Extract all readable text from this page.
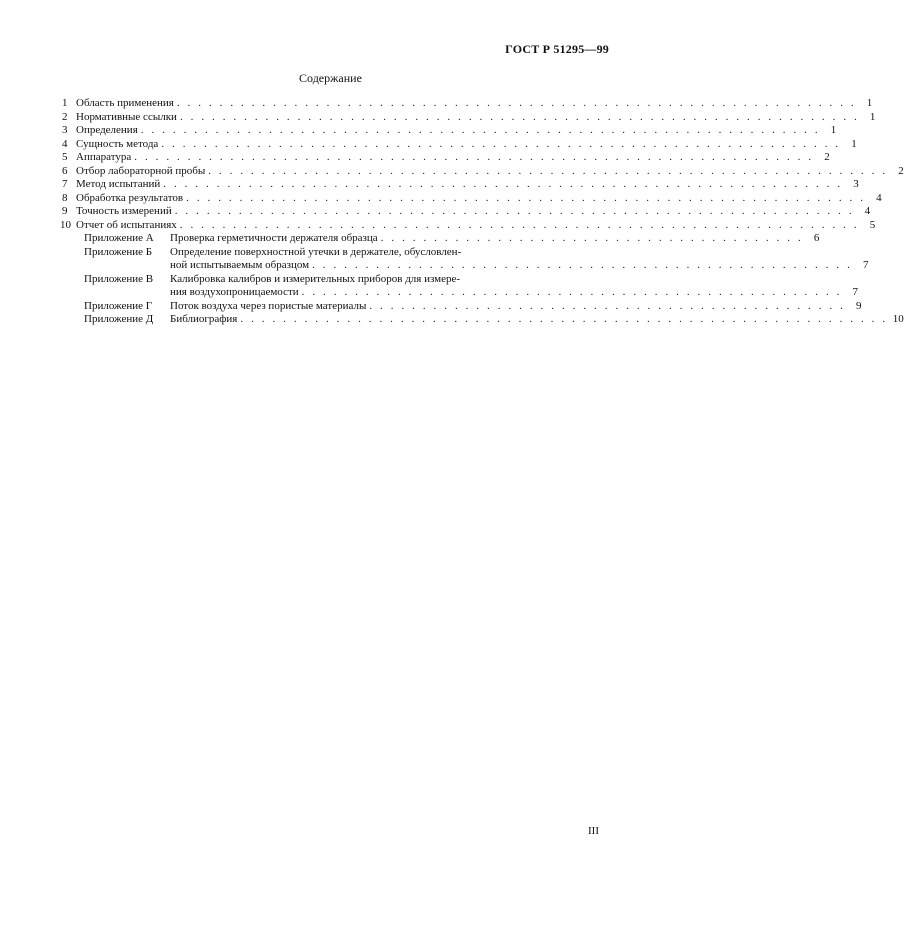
ГОСТ Р 51295—99
Содержание
1 Область применения . . . . . . . . . . . . . . . . . . . . . . . . . . . . . . . . . . . . . . . . . . . . . . . . . . . . . . . . . . . . . . . . 1
2 Нормативные ссылки . . . . . . . . . . . . . . . . . . . . . . . . . . . . . . . . . . . . . . . . . . . . . . . . . . . . . . . . . . . . . . . . 1
3 Определения . . . . . . . . . . . . . . . . . . . . . . . . . . . . . . . . . . . . . . . . . . . . . . . . . . . . . . . . . . . . . . . . 1
4 Сущность метода . . . . . . . . . . . . . . . . . . . . . . . . . . . . . . . . . . . . . . . . . . . . . . . . . . . . . . . . . . . . . . . . 1
5 Аппаратура . . . . . . . . . . . . . . . . . . . . . . . . . . . . . . . . . . . . . . . . . . . . . . . . . . . . . . . . . . . . . . . . 2
6 Отбор лабораторной пробы . . . . . . . . . . . . . . . . . . . . . . . . . . . . . . . . . . . . . . . . . . . . . . . . . . . . . . . . . . . . . . . . 2
7 Метод испытаний . . . . . . . . . . . . . . . . . . . . . . . . . . . . . . . . . . . . . . . . . . . . . . . . . . . . . . . . . . . . . . . . 3
8 Обработка результатов . . . . . . . . . . . . . . . . . . . . . . . . . . . . . . . . . . . . . . . . . . . . . . . . . . . . . . . . . . . . . . . . 4
9 Точность измерений . . . . . . . . . . . . . . . . . . . . . . . . . . . . . . . . . . . . . . . . . . . . . . . . . . . . . . . . . . . . . . . . 4
10 Отчет об испытаниях . . . . . . . . . . . . . . . . . . . . . . . . . . . . . . . . . . . . . . . . . . . . . . . . . . . . . . . . . . . . . . . . 5
Приложение А	Проверка герметичности держателя образца . . . . . . . . . . . . . . . . . . . . . . . . . . . . . . . . . . . . . . . . 6
Приложение Б	Определение поверхностной утечки в держателе, обусловлен-
ной испытываемым образцом . . . . . . . . . . . . . . . . . . . . . . . . . . . . . . . . . . . . . . . . . . . . . . . . . . . 7
Приложение В	Калибровка калибров и измерительных приборов для измере-
ния воздухопроницаемости . . . . . . . . . . . . . . . . . . . . . . . . . . . . . . . . . . . . . . . . . . . . . . . . . . . 7
Приложение Г	Поток воздуха через пористые материалы . . . . . . . . . . . . . . . . . . . . . . . . . . . . . . . . . . . . . . . . . . . . . 9
Приложение Д	Библиография . . . . . . . . . . . . . . . . . . . . . . . . . . . . . . . . . . . . . . . . . . . . . . . . . . . . . . . . . . . . . 10
III
